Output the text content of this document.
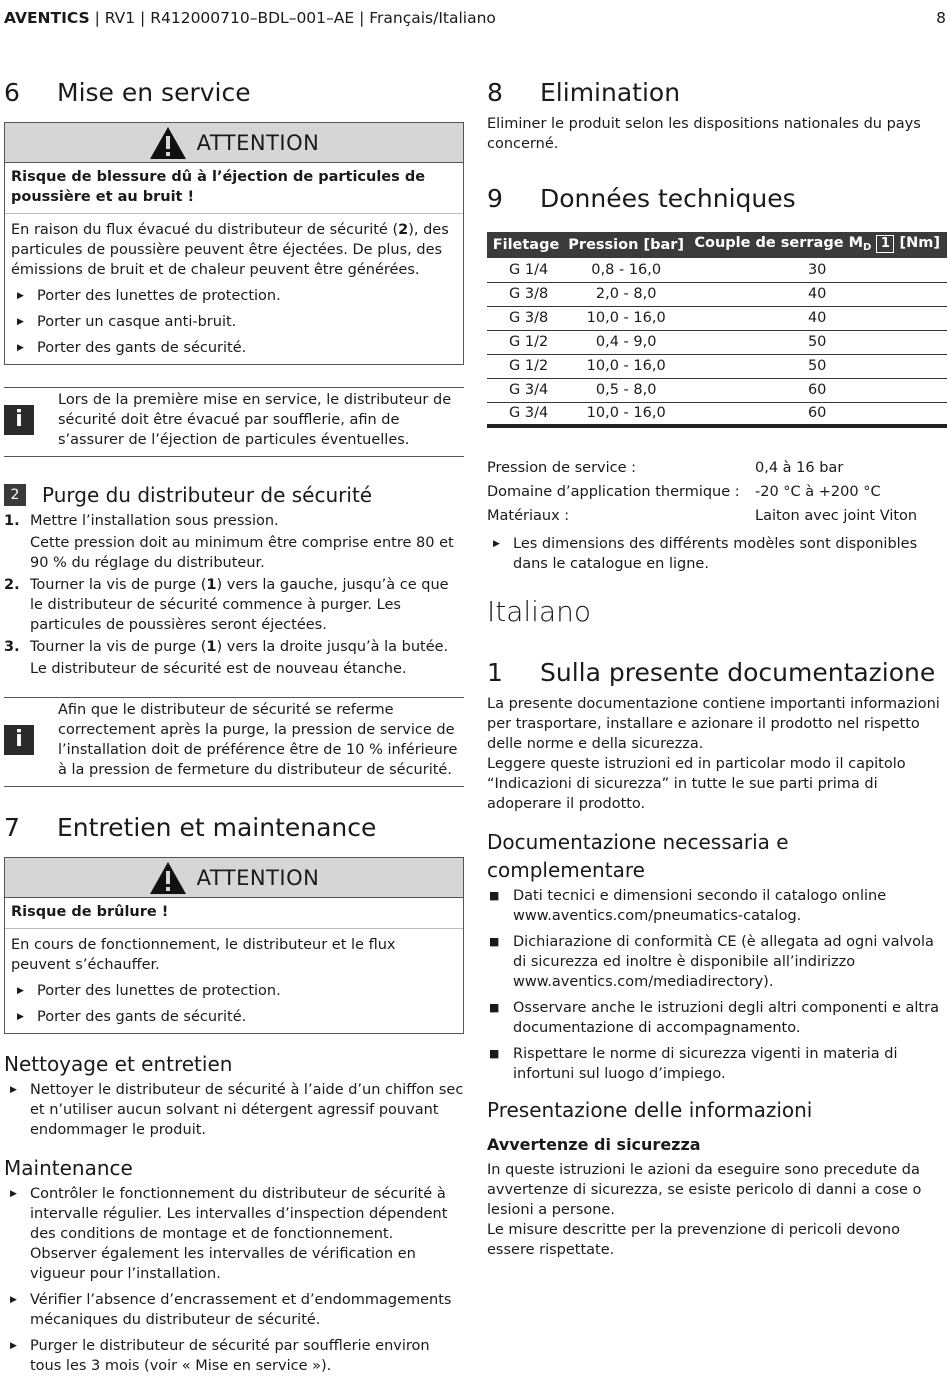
AVENTICS | RV1 | R412000710–BDL–001–AE | Français/Italiano	8
6	Mise en service
ATTENTION

Risque de blessure dû à l’éjection de particules de poussière et au bruit !

En raison du flux évacué du distributeur de sécurité (2), des particules de poussière peuvent être éjectées. De plus, des émissions de bruit et de chaleur peuvent être générées.

▶ Porter des lunettes de protection.
▶ Porter un casque anti-bruit.
▶ Porter des gants de sécurité.
i

Lors de la première mise en service, le distributeur de sécurité doit être évacué par soufflerie, afin de s’assurer de l’éjection de particules éventuelles.

2	Purge du distributeur de sécurité
1. Mettre l’installation sous pression.
Cette pression doit au minimum être comprise entre 80 et 90 % du réglage du distributeur.
2. Tourner la vis de purge (1) vers la gauche, jusqu’à ce que le distributeur de sécurité commence à purger. Les particules de poussières seront éjectées.
3. Tourner la vis de purge (1) vers la droite jusqu’à la butée.
Le distributeur de sécurité est de nouveau étanche.
i

Afin que le distributeur de sécurité se referme correctement après la purge, la pression de service de l’installation doit de préférence être de 10 % inférieure à la pression de fermeture du distributeur de sécurité.

7	Entretien et maintenance
ATTENTION

Risque de brûlure !

En cours de fonctionnement, le distributeur et le flux peuvent s’échauffer.

▶ Porter des lunettes de protection.
▶ Porter des gants de sécurité.
Nettoyage et entretien
▶ Nettoyer le distributeur de sécurité à l’aide d’un chiffon sec et n’utiliser aucun solvant ni détergent agressif pouvant endommager le produit.
Maintenance
▶ Contrôler le fonctionnement du distributeur de sécurité à intervalle régulier. Les intervalles d’inspection dépendent des conditions de montage et de fonctionnement. Observer également les intervalles de vérification en vigueur pour l’installation.
▶ Vérifier l’absence d’encrassement et d’endommagements mécaniques du distributeur de sécurité.
▶ Purger le distributeur de sécurité par soufflerie environ tous les 3 mois (voir « Mise en service »).
8	Elimination

Eliminer le produit selon les dispositions nationales du pays concerné.

9	Données techniques
Filetage	Pression [bar]	Couple de serrage $M_D$ 1 [Nm]
G 1/4	0,8 - 16,0	30
G 3/8	2,0 - 8,0	40
G 3/8	10,0 - 16,0	40
G 1/2	0,4 - 9,0	50
G 1/2	10,0 - 16,0	50
G 3/4	0,5 - 8,0	60
G 3/4	10,0 - 16,0	60
Pression de service :	0,4 à 16 bar
Domaine d’application thermique :	-20 °C à +200 °C
Matériaux :	Laiton avec joint Viton
▶ Les dimensions des différents modèles sont disponibles dans le catalogue en ligne.
Italiano
1	Sulla presente documentazione

La presente documentazione contiene importanti informazioni per trasportare, installare e azionare il prodotto nel rispetto delle norme e della sicurezza.

Leggere queste istruzioni ed in particolar modo il capitolo “Indicazioni di sicurezza” in tutte le sue parti prima di adoperare il prodotto.

Documentazione necessaria e complementare
■ Dati tecnici e dimensioni secondo il catalogo online www.aventics.com/pneumatics-catalog.
■ Dichiarazione di conformità CE (è allegata ad ogni valvola di sicurezza ed inoltre è disponibile all’indirizzo www.aventics.com/mediadirectory).
■ Osservare anche le istruzioni degli altri componenti e altra documentazione di accompagnamento.
■ Rispettare le norme di sicurezza vigenti in materia di infortuni sul luogo d’impiego.
Presentazione delle informazioni
Avvertenze di sicurezza

In queste istruzioni le azioni da eseguire sono precedute da avvertenze di sicurezza, se esiste pericolo di danni a cose o lesioni a persone.

Le misure descritte per la prevenzione di pericoli devono essere rispettate.
